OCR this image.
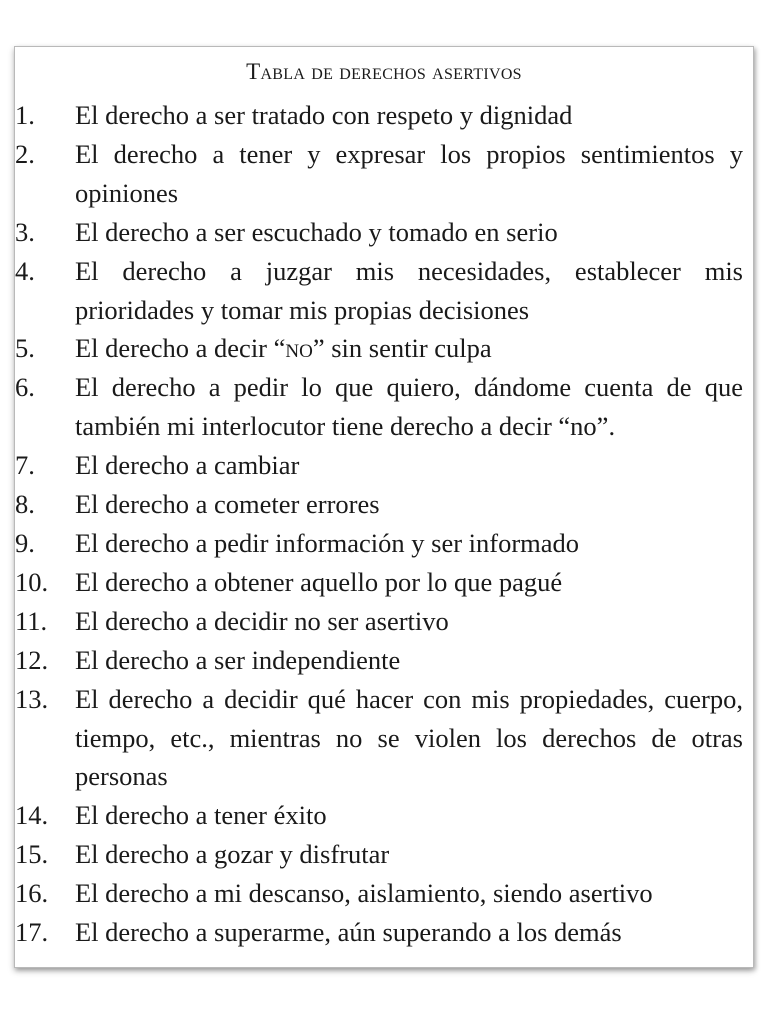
Tabla de derechos asertivos
1.	El derecho a ser tratado con respeto y dignidad
2.	El derecho a tener y expresar los propios sentimientos y opiniones
3.	El derecho a ser escuchado y tomado en serio
4.	El derecho a juzgar mis necesidades, establecer mis prioridades y tomar mis propias decisiones
5.	El derecho a decir “no” sin sentir culpa
6.	El derecho a pedir lo que quiero, dándome cuenta de que también mi interlocutor tiene derecho a decir “no”.
7.	El derecho a cambiar
8.	El derecho a cometer errores
9.	El derecho a pedir información y ser informado
10.	El derecho a obtener aquello por lo que pagué
11.	El derecho a decidir no ser asertivo
12.	El derecho a ser independiente
13.	El derecho a decidir qué hacer con mis propiedades, cuerpo, tiempo, etc., mientras no se violen los derechos de otras personas
14.	El derecho a tener éxito
15.	El derecho a gozar y disfrutar
16.	El derecho a mi descanso, aislamiento, siendo asertivo
17.	El derecho a superarme, aún superando a los demás
